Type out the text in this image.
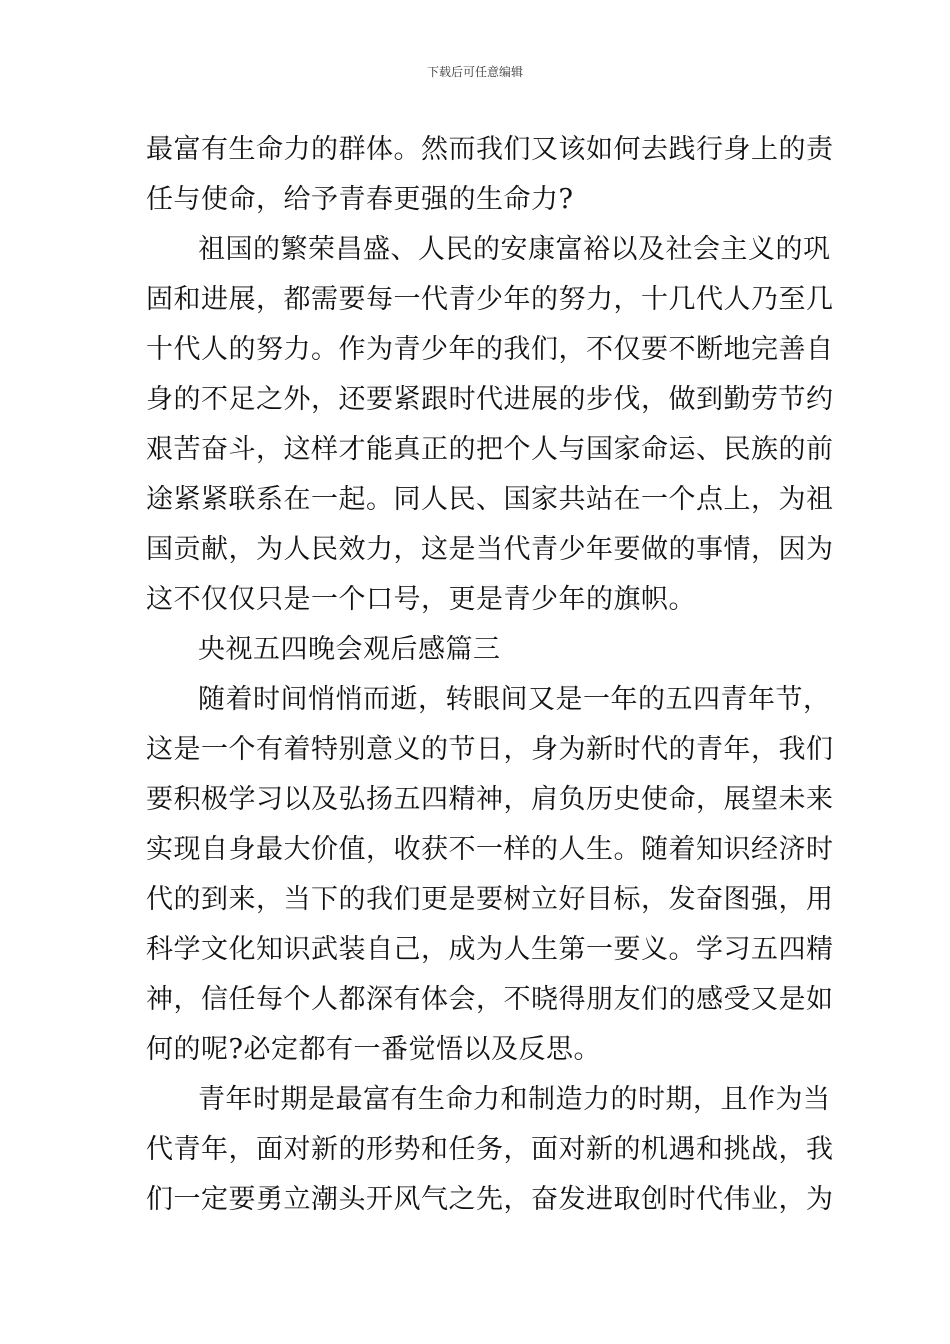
下载后可任意编辑
最富有生命力的群体。然而我们又该如何去践行身上的责
任与使命，给予青春更强的生命力?
祖国的繁荣昌盛、人民的安康富裕以及社会主义的巩
固和进展，都需要每一代青少年的努力，十几代人乃至几
十代人的努力。作为青少年的我们，不仅要不断地完善自
身的不足之外，还要紧跟时代进展的步伐，做到勤劳节约
艰苦奋斗，这样才能真正的把个人与国家命运、民族的前
途紧紧联系在一起。同人民、国家共站在一个点上，为祖
国贡献，为人民效力，这是当代青少年要做的事情，因为
这不仅仅只是一个口号，更是青少年的旗帜。
央视五四晚会观后感篇三
随着时间悄悄而逝，转眼间又是一年的五四青年节，
这是一个有着特别意义的节日，身为新时代的青年，我们
要积极学习以及弘扬五四精神，肩负历史使命，展望未来
实现自身最大价值，收获不一样的人生。随着知识经济时
代的到来，当下的我们更是要树立好目标，发奋图强，用
科学文化知识武装自己，成为人生第一要义。学习五四精
神，信任每个人都深有体会，不晓得朋友们的感受又是如
何的呢?必定都有一番觉悟以及反思。
青年时期是最富有生命力和制造力的时期，且作为当
代青年，面对新的形势和任务，面对新的机遇和挑战，我
们一定要勇立潮头开风气之先，奋发进取创时代伟业，为
